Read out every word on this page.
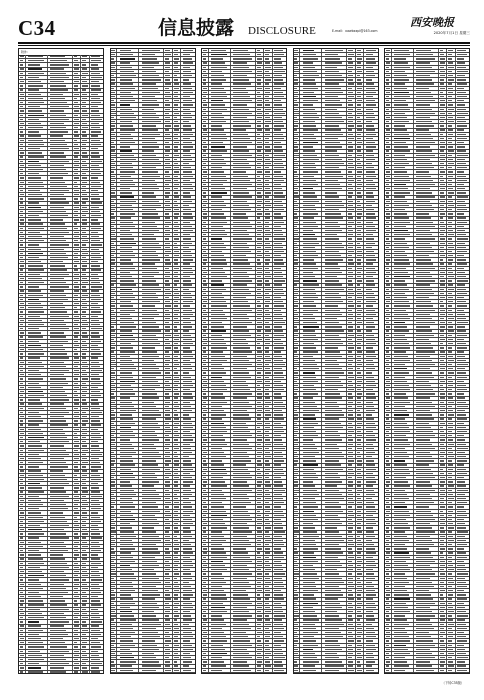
C34	信息披露 DISCLOSURE	E-mail：xawbxxpl@163.com
西安晚报
2020年7月1日 星期三
附件：
（下转C35版）
